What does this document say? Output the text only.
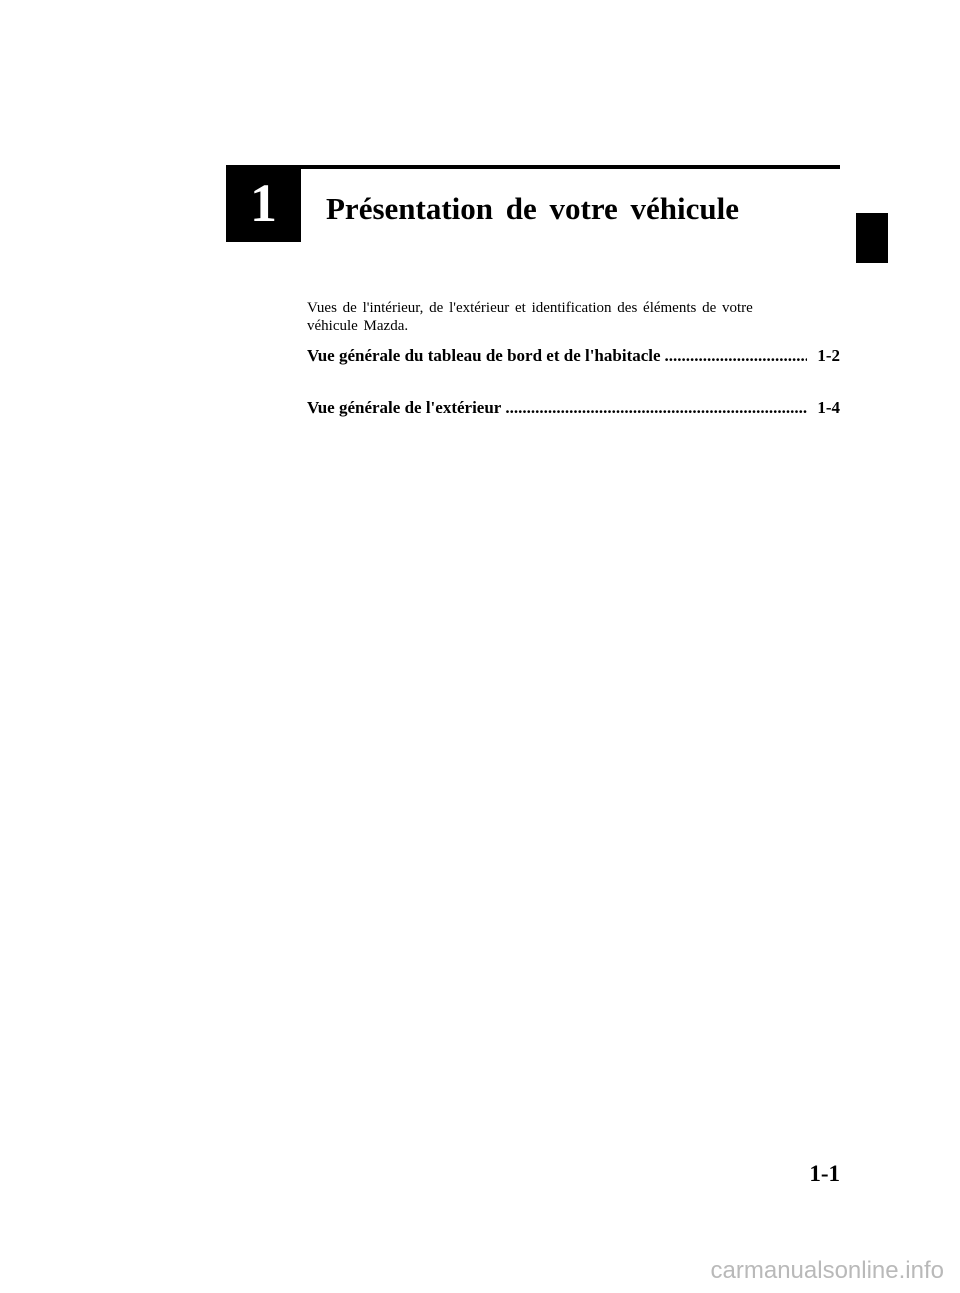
1	Présentation de votre véhicule

Vues de l'intérieur, de l'extérieur et identification des éléments de votre véhicule Mazda.

Vue générale du tableau de bord et de l'habitacle .....	1-2
Vue générale de l'extérieur .....	1-4
1-1
carmanualsonline.info
